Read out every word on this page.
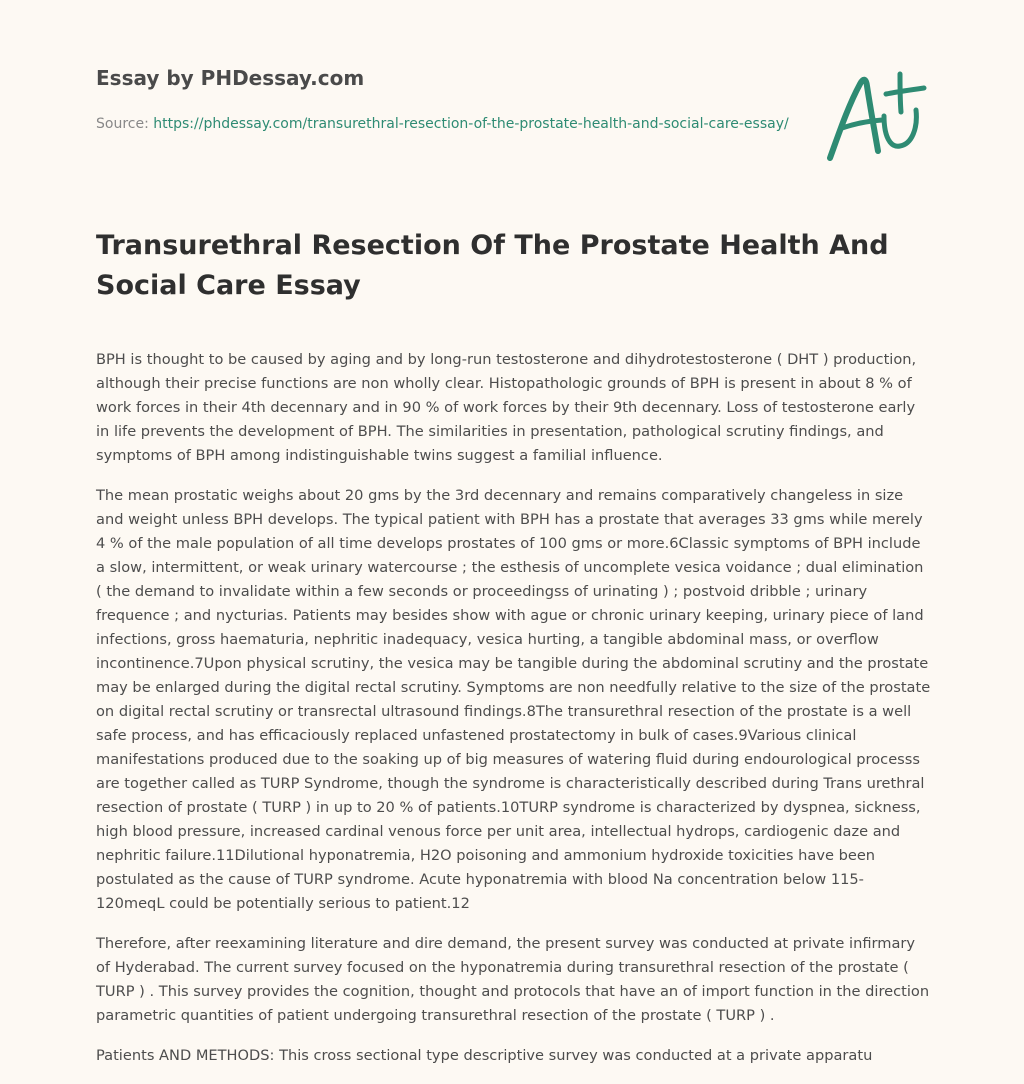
Essay by PHDessay.com
Source: https://phdessay.com/transurethral-resection-of-the-prostate-health-and-social-care-essay/
Transurethral Resection Of The Prostate Health And Social Care Essay

BPH is thought to be caused by aging and by long-run testosterone and dihydrotestosterone ( DHT ) production, although their precise functions are non wholly clear. Histopathologic grounds of BPH is present in about 8 % of work forces in their 4th decennary and in 90 % of work forces by their 9th decennary. Loss of testosterone early in life prevents the development of BPH. The similarities in presentation, pathological scrutiny findings, and symptoms of BPH among indistinguishable twins suggest a familial influence.

The mean prostatic weighs about 20 gms by the 3rd decennary and remains comparatively changeless in size and weight unless BPH develops. The typical patient with BPH has a prostate that averages 33 gms while merely 4 % of the male population of all time develops prostates of 100 gms or more.6Classic symptoms of BPH include a slow, intermittent, or weak urinary watercourse ; the esthesis of uncomplete vesica voidance ; dual elimination ( the demand to invalidate within a few seconds or proceedingss of urinating ) ; postvoid dribble ; urinary frequence ; and nycturias. Patients may besides show with ague or chronic urinary keeping, urinary piece of land infections, gross haematuria, nephritic inadequacy, vesica hurting, a tangible abdominal mass, or overflow incontinence.7Upon physical scrutiny, the vesica may be tangible during the abdominal scrutiny and the prostate may be enlarged during the digital rectal scrutiny. Symptoms are non needfully relative to the size of the prostate on digital rectal scrutiny or transrectal ultrasound findings.8The transurethral resection of the prostate is a well safe process, and has efficaciously replaced unfastened prostatectomy in bulk of cases.9Various clinical manifestations produced due to the soaking up of big measures of watering fluid during endourological processs are together called as TURP Syndrome, though the syndrome is characteristically described during Trans urethral resection of prostate ( TURP ) in up to 20 % of patients.10TURP syndrome is characterized by dyspnea, sickness, high blood pressure, increased cardinal venous force per unit area, intellectual hydrops, cardiogenic daze and nephritic failure.11Dilutional hyponatremia, H2O poisoning and ammonium hydroxide toxicities have been postulated as the cause of TURP syndrome. Acute hyponatremia with blood Na concentration below 115-120meqL could be potentially serious to patient.12

Therefore, after reexamining literature and dire demand, the present survey was conducted at private infirmary of Hyderabad. The current survey focused on the hyponatremia during transurethral resection of the prostate ( TURP ) . This survey provides the cognition, thought and protocols that have an of import function in the direction parametric quantities of patient undergoing transurethral resection of the prostate ( TURP ) .

Patients AND METHODS: This cross sectional type descriptive survey was conducted at a private apparatu
